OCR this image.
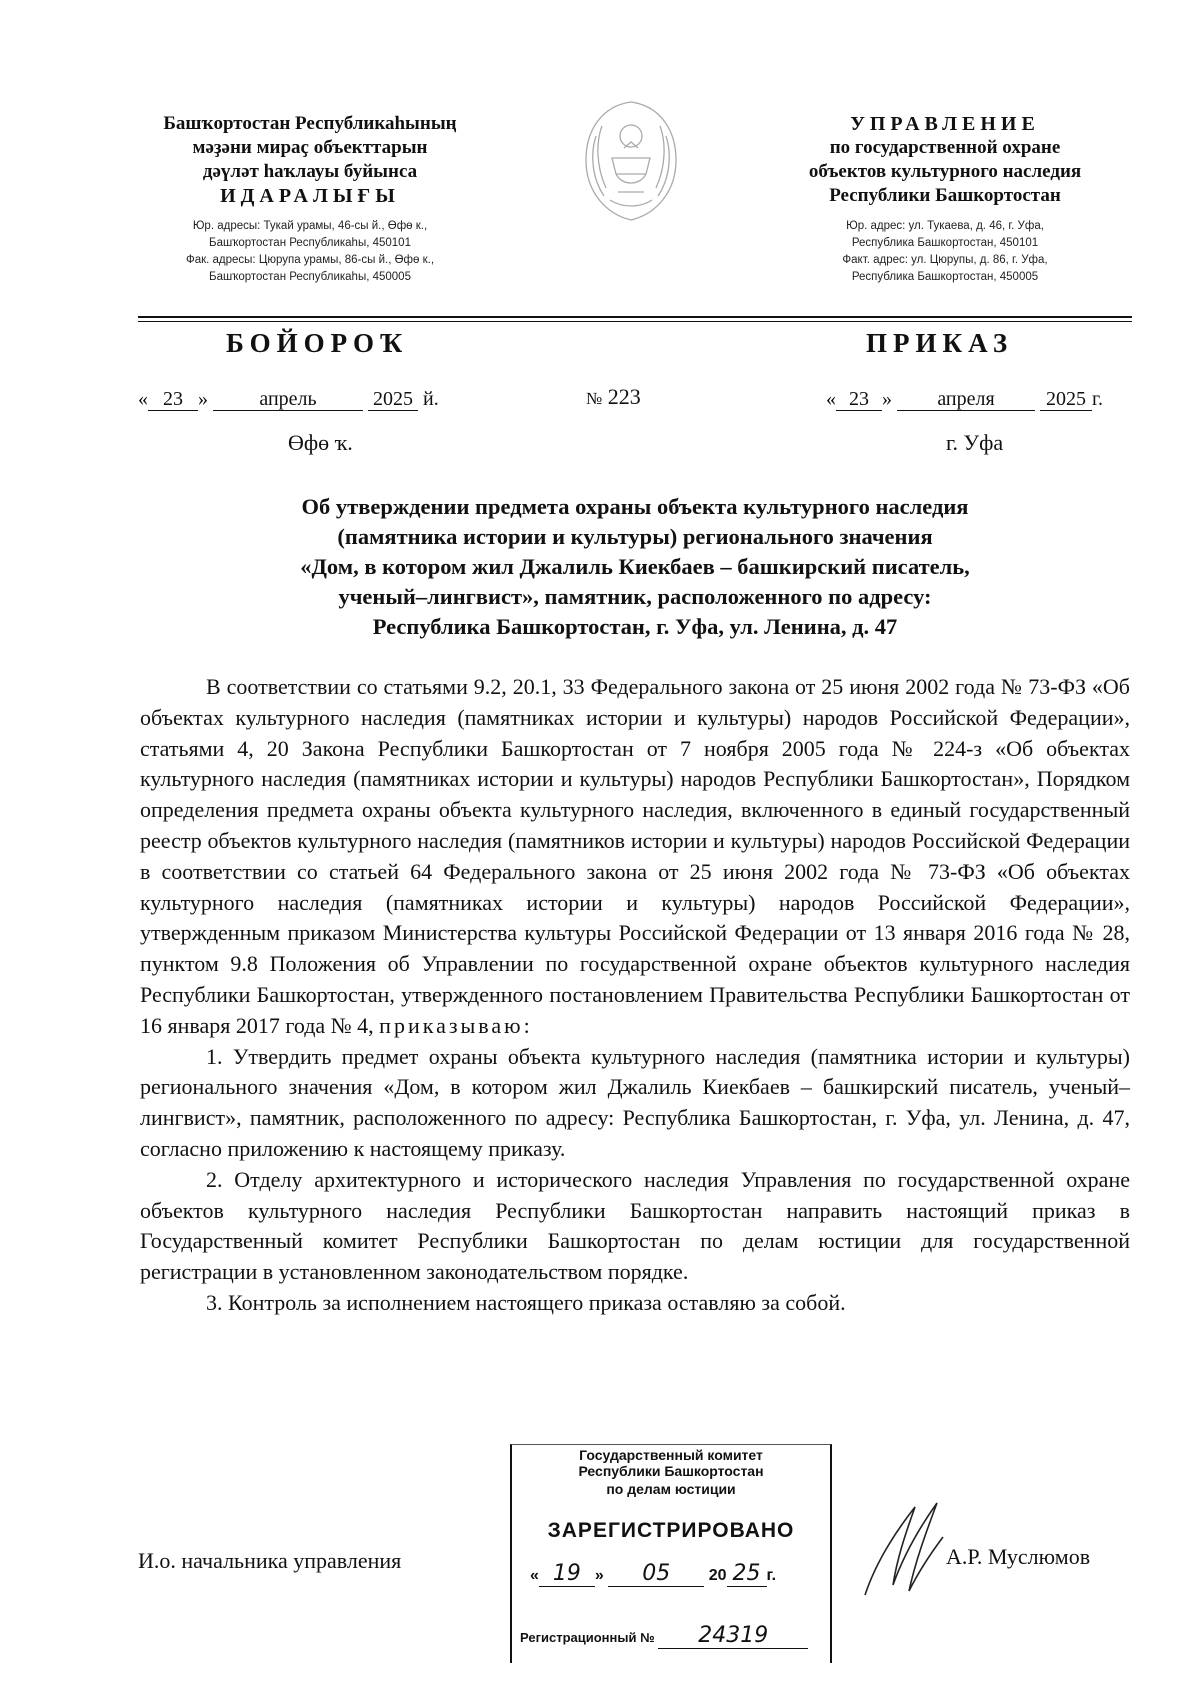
Башҡортостан Республикаһының
мәҙәни мираҫ объекттарын
дәүләт һаҡлауы буйынса
ИДАРАЛЫҒЫ
Юр. адресы: Тукай урамы, 46-сы й., Өфө к.,
Башҡортостан Республикаһы, 450101
Фак. адресы: Цюрупа урамы, 86-сы й., Өфө к.,
Башҡортостан Республикаһы, 450005
УПРАВЛЕНИЕ
по государственной охране
объектов культурного наследия
Республики Башкортостан
Юр. адрес: ул. Тукаева, д. 46, г. Уфа,
Республика Башкортостан, 450101
Факт. адрес: ул. Цюрупы, д. 86, г. Уфа,
Республика Башкортостан, 450005
БОЙОРОҠ	ПРИКАЗ
« 23 »	апрель	2025 й.	№ 223	« 23 » апреля	2025 г.
Өфө ҡ.	г. Уфа
Об утверждении предмета охраны объекта культурного наследия
(памятника истории и культуры) регионального значения
«Дом, в котором жил Джалиль Киекбаев – башкирский писатель,
ученый–лингвист», памятник, расположенного по адресу:
Республика Башкортостан, г. Уфа, ул. Ленина, д. 47

В соответствии со статьями 9.2, 20.1, 33 Федерального закона от 25 июня 2002 года № 73-ФЗ «Об объектах культурного наследия (памятниках истории и культуры) народов Российской Федерации», статьями 4, 20 Закона Республики Башкортостан от 7 ноября 2005 года № 224-з «Об объектах культурного наследия (памятниках истории и культуры) народов Республики Башкортостан», Порядком определения предмета охраны объекта культурного наследия, включенного в единый государственный реестр объектов культурного наследия (памятников истории и культуры) народов Российской Федерации в соответствии со статьей 64 Федерального закона от 25 июня 2002 года № 73-ФЗ «Об объектах культурного наследия (памятниках истории и культуры) народов Российской Федерации», утвержденным приказом Министерства культуры Российской Федерации от 13 января 2016 года № 28, пунктом 9.8 Положения об Управлении по государственной охране объектов культурного наследия Республики Башкортостан, утвержденного постановлением Правительства Республики Башкортостан от 16 января 2017 года № 4, приказываю:

1. Утвердить предмет охраны объекта культурного наследия (памятника истории и культуры) регионального значения «Дом, в котором жил Джалиль Киекбаев – башкирский писатель, ученый–лингвист», памятник, расположенного по адресу: Республика Башкортостан, г. Уфа, ул. Ленина, д. 47, согласно приложению к настоящему приказу.

2. Отделу архитектурного и исторического наследия Управления по государственной охране объектов культурного наследия Республики Башкортостан направить настоящий приказ в Государственный комитет Республики Башкортостан по делам юстиции для государственной регистрации в установленном законодательством порядке.

3. Контроль за исполнением настоящего приказа оставляю за собой.

И.о. начальника управления	А.Р. Муслюмов
Государственный комитет
Республики Башкортостан
по делам юстиции
ЗАРЕГИСТРИРОВАНО
« 19 » 05 20 25 г.
Регистрационный № 24319
